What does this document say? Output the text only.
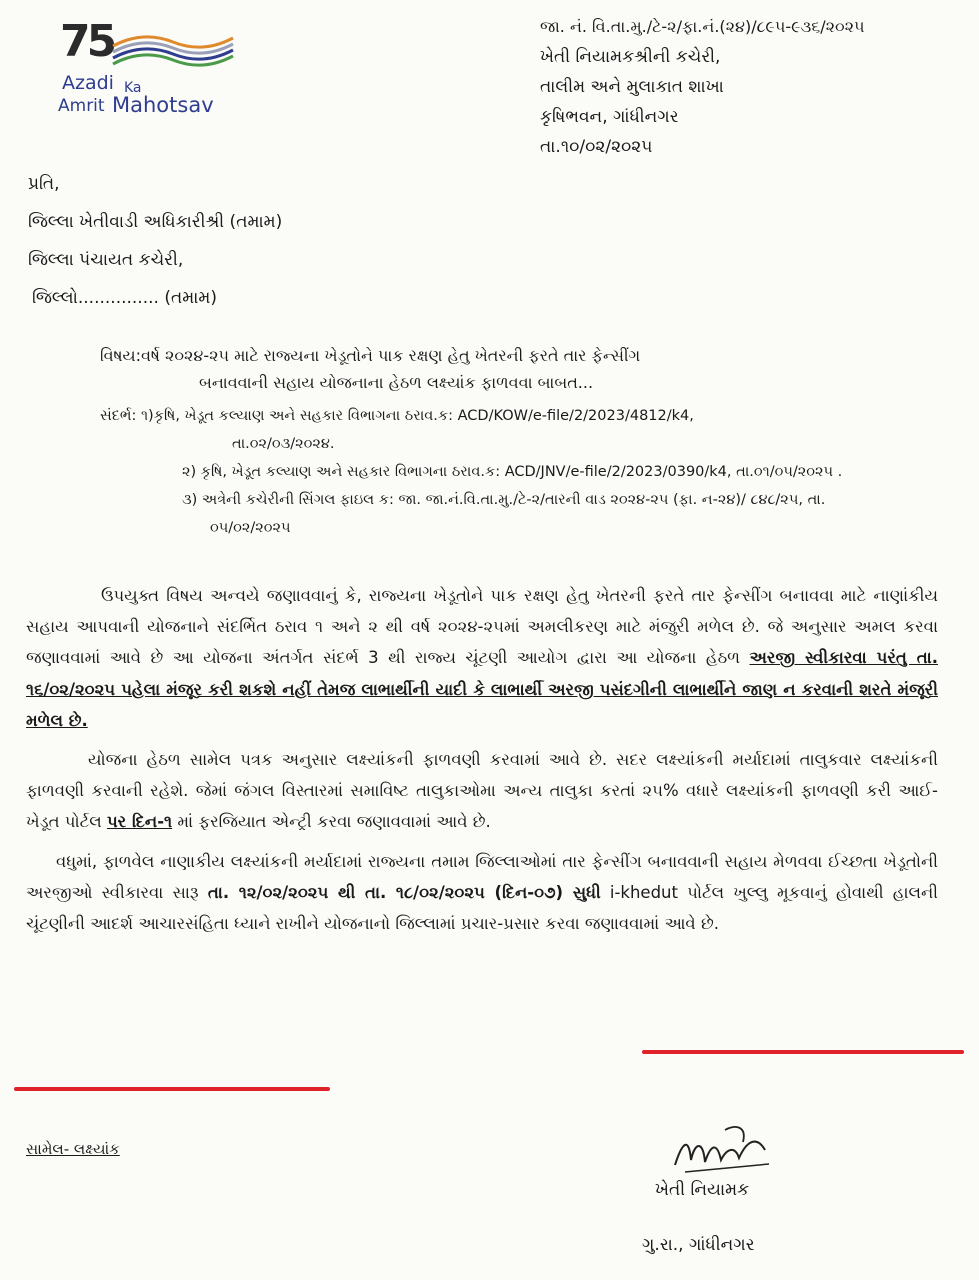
75
Azadi Ka
Amrit Mahotsav
જા. નં. વિ.તા.મુ./ટે-૨/ફા.નં.(૨૪)/૮૯૫-૯૩૬/૨૦૨૫
ખેતી નિયામકશ્રીની કચેરી,
તાલીમ અને મુલાકાત શાખા
કૃષિભવન, ગાંધીનગર
તા.૧૦/૦૨/૨૦૨૫
પ્રતિ,
જિલ્લા ખેતીવાડી અધિકારીશ્રી (તમામ)
જિલ્લા પંચાયત કચેરી,
જિલ્લો............... (તમામ)
વિષય:વર્ષ ૨૦૨૪-૨૫ માટે રાજ્યના ખેડૂતોને પાક રક્ષણ હેતુ ખેતરની ફરતે તાર ફેન્સીંગ
બનાવવાની સહાય યોજનાના હેઠળ લક્ષ્યાંક ફાળવવા બાબત...
સંદર્ભ: ૧)કૃષિ, ખેડૂત કલ્યાણ અને સહકાર વિભાગના ઠરાવ.ક: ACD/KOW/e-file/2/2023/4812/k4,
તા.૦૨/૦૩/૨૦૨૪.
૨) કૃષિ, ખેડૂત કલ્યાણ અને સહકાર વિભાગના ઠરાવ.ક: ACD/JNV/e-file/2/2023/0390/k4, તા.૦૧/૦૫/૨૦૨૫ .
૩) અત્રેની કચેરીની સિંગલ ફાઇલ ક: જા. જા.નં.વિ.તા.મુ./ટે-૨/તારની વાડ ૨૦૨૪-૨૫ (ફા. ન-૨૪)/ ૮૪૮/૨૫, તા.
૦૫/૦૨/૨૦૨૫

ઉપયુક્ત વિષય અન્વયે જણાવવાનું કે, રાજ્યના ખેડૂતોને પાક રક્ષણ હેતુ ખેતરની ફરતે તાર ફેન્સીંગ બનાવવા માટે નાણાંકીય સહાય આપવાની યોજનાને સંદર્ભિત ઠરાવ ૧ અને ૨ થી વર્ષ ૨૦૨૪-૨૫માં અમલીકરણ માટે મંજુરી મળેલ છે. જે અનુસાર અમલ કરવા જણાવવામાં આવે છે આ યોજના અંતર્ગત સંદર્ભ 3 થી રાજ્ય ચૂંટણી આયોગ દ્વારા આ યોજના હેઠળ અરજી સ્વીકારવા પરંતુ તા. ૧૬/૦૨/૨૦૨૫ પહેલા મંજૂર કરી શકશે નહીં તેમજ લાભાર્થીની યાદી કે લાભાર્થી અરજી પસંદગીની લાભાર્થીને જાણ ન કરવાની શરતે મંજૂરી મળેલ છે.

યોજના હેઠળ સામેલ પત્રક અનુસાર લક્ષ્યાંકની ફાળવણી કરવામાં આવે છે. સદર લક્ષ્યાંકની મર્યાદામાં તાલુકવાર લક્ષ્યાંકની ફાળવણી કરવાની રહેશે. જેમાં જંગલ વિસ્તારમાં સમાવિષ્ટ તાલુકાઓમા અન્ય તાલુકા કરતાં ૨૫% વધારે લક્ષ્યાંકની ફાળવણી કરી આઈ-ખેડૂત પોર્ટલ પર દિન-૧ માં ફરજિયાત એન્ટ્રી કરવા જણાવવામાં આવે છે.

વધુમાં, ફાળવેલ નાણાકીય લક્ષ્યાંકની મર્યાદામાં રાજ્યના તમામ જિલ્લાઓમાં તાર ફેન્સીંગ બનાવવાની સહાય મેળવવા ઈચ્છતા ખેડૂતોની અરજીઓ સ્વીકારવા સારૂ તા. ૧૨/૦૨/૨૦૨૫ થી તા. ૧૮/૦૨/૨૦૨૫ (દિન-૦૭) સુધી i-khedut પોર્ટલ ખુલ્લુ મૂકવાનું હોવાથી હાલની ચૂંટણીની આદર્શ આચારસંહિતા ધ્યાને રાખીને યોજનાનો જિલ્લામાં પ્રચાર-પ્રસાર કરવા જણાવવામાં આવે છે.

સામેલ- લક્ષ્યાંક
ખેતી નિયામક
ગુ.રા., ગાંધીનગર
